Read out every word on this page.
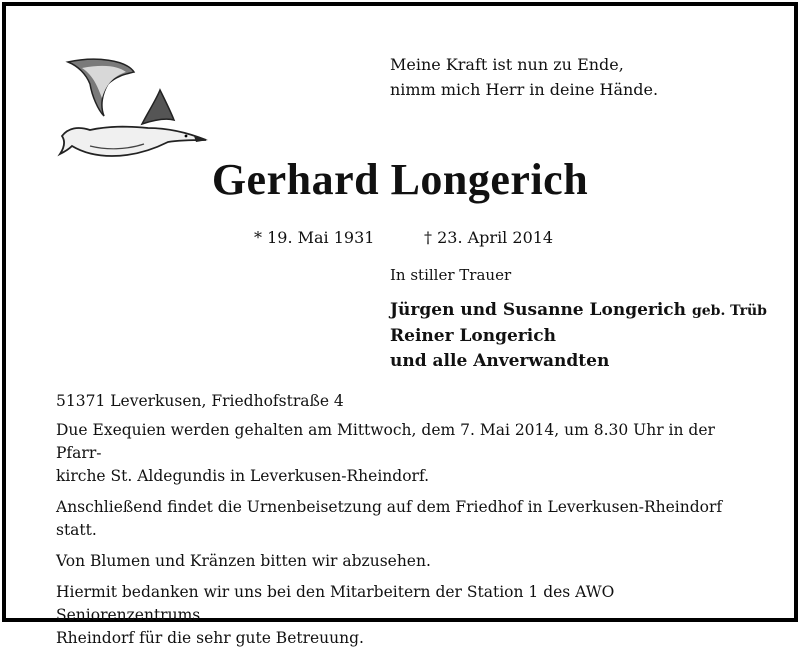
Meine Kraft ist nun zu Ende,
nimm mich Herr in deine Hände.
Gerhard Longerich
* 19. Mai 1931	† 23. April 2014
In stiller Trauer
Jürgen und Susanne Longerich geb. Trüb
Reiner Longerich
und alle Anverwandten

51371 Leverkusen, Friedhofstraße 4

Due Exequien werden gehalten am Mittwoch, dem 7. Mai 2014, um 8.30 Uhr in der Pfarr-
kirche St. Aldegundis in Leverkusen-Rheindorf.

Anschließend findet die Urnenbeisetzung auf dem Friedhof in Leverkusen-Rheindorf statt.

Von Blumen und Kränzen bitten wir abzusehen.

Hiermit bedanken wir uns bei den Mitarbeitern der Station 1 des AWO Seniorenzentrums
Rheindorf für die sehr gute Betreuung.
